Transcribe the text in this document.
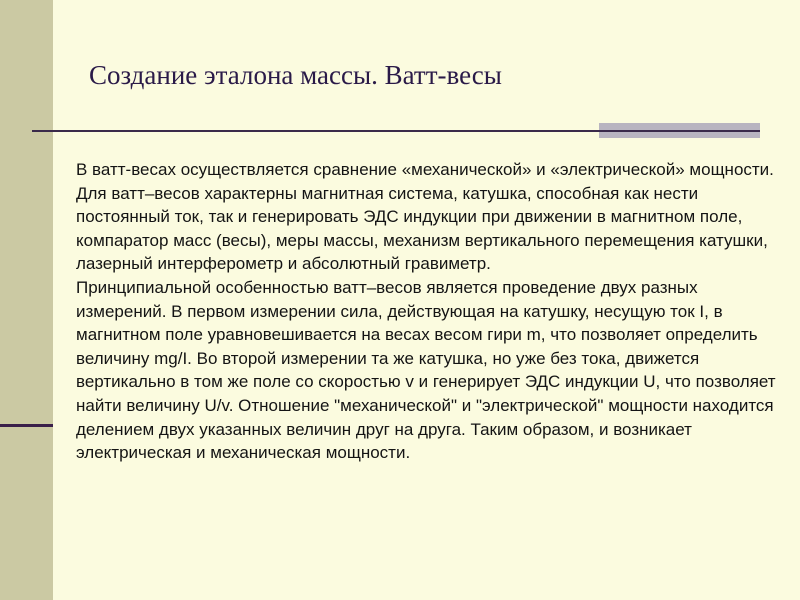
Создание эталона массы. Ватт-весы

В ватт-весах осуществляется сравнение «механической» и «электрической» мощности. Для ватт–весов характерны магнитная система, катушка, способная как нести постоянный ток, так и генерировать ЭДС индукции при движении в магнитном поле, компаратор масс (весы), меры массы, механизм вертикального перемещения катушки, лазерный интерферометр и абсолютный гравиметр.

Принципиальной особенностью ватт–весов является проведение двух разных измерений. В первом измерении сила, действующая на катушку, несущую ток I, в магнитном поле уравновешивается на весах весом гири m, что позволяет определить величину mg/I. Во второй измерении та же катушка, но уже без тока, движется вертикально в том же поле со скоростью v и генерирует ЭДС индукции U, что позволяет найти величину U/v. Отношение "механической" и "электрической" мощности находится делением двух указанных величин друг на друга. Таким образом, и возникает электрическая и механическая мощности.
